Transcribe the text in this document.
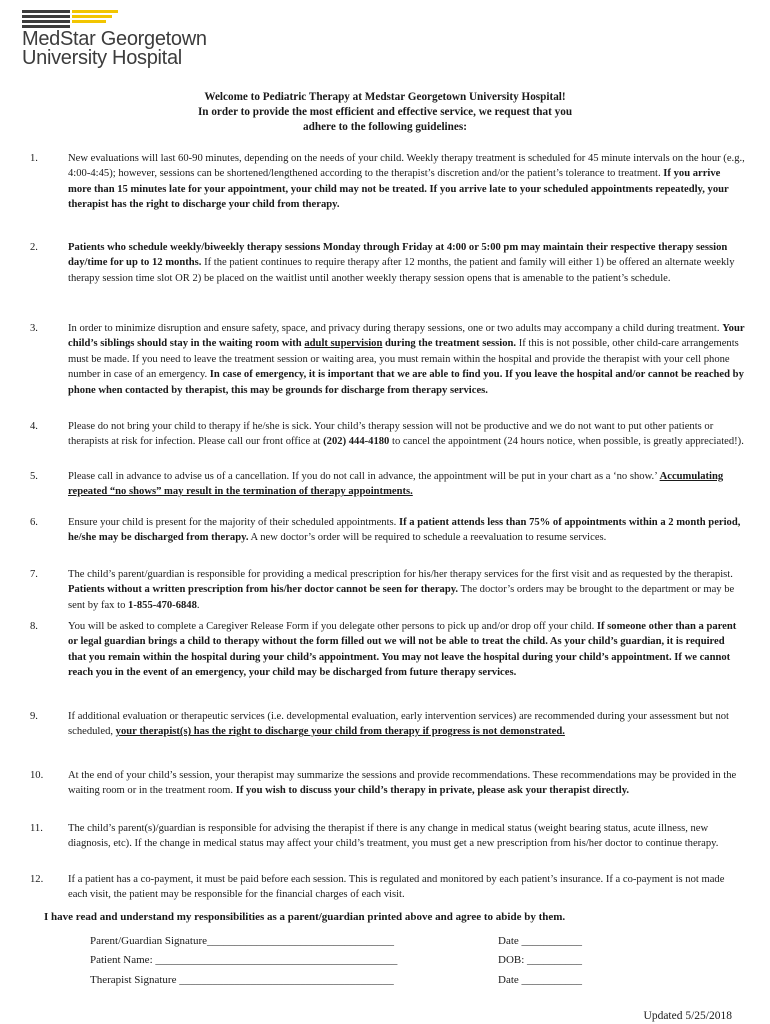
MedStar Georgetown
University Hospital
Welcome to Pediatric Therapy at Medstar Georgetown University Hospital!
In order to provide the most efficient and effective service, we request that you
adhere to the following guidelines:
1.	New evaluations will last 60-90 minutes, depending on the needs of your child. Weekly therapy treatment is scheduled for 45 minute intervals on the hour (e.g., 4:00-4:45); however, sessions can be shortened/lengthened according to the therapist’s discretion and/or the patient’s tolerance to treatment. If you arrive more than 15 minutes late for your appointment, your child may not be treated. If you arrive late to your scheduled appointments repeatedly, your therapist has the right to discharge your child from therapy.
2.	Patients who schedule weekly/biweekly therapy sessions Monday through Friday at 4:00 or 5:00 pm may maintain their respective therapy session day/time for up to 12 months. If the patient continues to require therapy after 12 months, the patient and family will either 1) be offered an alternate weekly therapy session time slot OR 2) be placed on the waitlist until another weekly therapy session opens that is amenable to the patient’s schedule.
3.	In order to minimize disruption and ensure safety, space, and privacy during therapy sessions, one or two adults may accompany a child during treatment. Your child’s siblings should stay in the waiting room with adult supervision during the treatment session. If this is not possible, other child-care arrangements must be made. If you need to leave the treatment session or waiting area, you must remain within the hospital and provide the therapist with your cell phone number in case of an emergency. In case of emergency, it is important that we are able to find you. If you leave the hospital and/or cannot be reached by phone when contacted by therapist, this may be grounds for discharge from therapy services.
4.	Please do not bring your child to therapy if he/she is sick. Your child’s therapy session will not be productive and we do not want to put other patients or therapists at risk for infection. Please call our front office at (202) 444-4180 to cancel the appointment (24 hours notice, when possible, is greatly appreciated!).
5.	Please call in advance to advise us of a cancellation. If you do not call in advance, the appointment will be put in your chart as a ‘no show.’ Accumulating repeated “no shows” may result in the termination of therapy appointments.
6.	Ensure your child is present for the majority of their scheduled appointments. If a patient attends less than 75% of appointments within a 2 month period, he/she may be discharged from therapy. A new doctor’s order will be required to schedule a reevaluation to resume services.
7.	The child’s parent/guardian is responsible for providing a medical prescription for his/her therapy services for the first visit and as requested by the therapist. Patients without a written prescription from his/her doctor cannot be seen for therapy. The doctor’s orders may be brought to the department or may be sent by fax to 1-855-470-6848.
8.	You will be asked to complete a Caregiver Release Form if you delegate other persons to pick up and/or drop off your child. If someone other than a parent or legal guardian brings a child to therapy without the form filled out we will not be able to treat the child. As your child’s guardian, it is required that you remain within the hospital during your child’s appointment. You may not leave the hospital during your child’s appointment. If we cannot reach you in the event of an emergency, your child may be discharged from future therapy services.
9.	If additional evaluation or therapeutic services (i.e. developmental evaluation, early intervention services) are recommended during your assessment but not scheduled, your therapist(s) has the right to discharge your child from therapy if progress is not demonstrated.
10.	At the end of your child’s session, your therapist may summarize the sessions and provide recommendations. These recommendations may be provided in the waiting room or in the treatment room. If you wish to discuss your child’s therapy in private, please ask your therapist directly.
11.	The child’s parent(s)/guardian is responsible for advising the therapist if there is any change in medical status (weight bearing status, acute illness, new diagnosis, etc). If the change in medical status may affect your child’s treatment, you must get a new prescription from his/her doctor to continue therapy.
12.	If a patient has a co-payment, it must be paid before each session. This is regulated and monitored by each patient’s insurance. If a co-payment is not made each visit, the patient may be responsible for the financial charges of each visit.
I have read and understand my responsibilities as a parent/guardian printed above and agree to abide by them.
Parent/Guardian Signature__________________________________	Date ___________
Patient Name: ____________________________________________	DOB: __________
Therapist Signature _______________________________________	Date ___________
Updated 5/25/2018
